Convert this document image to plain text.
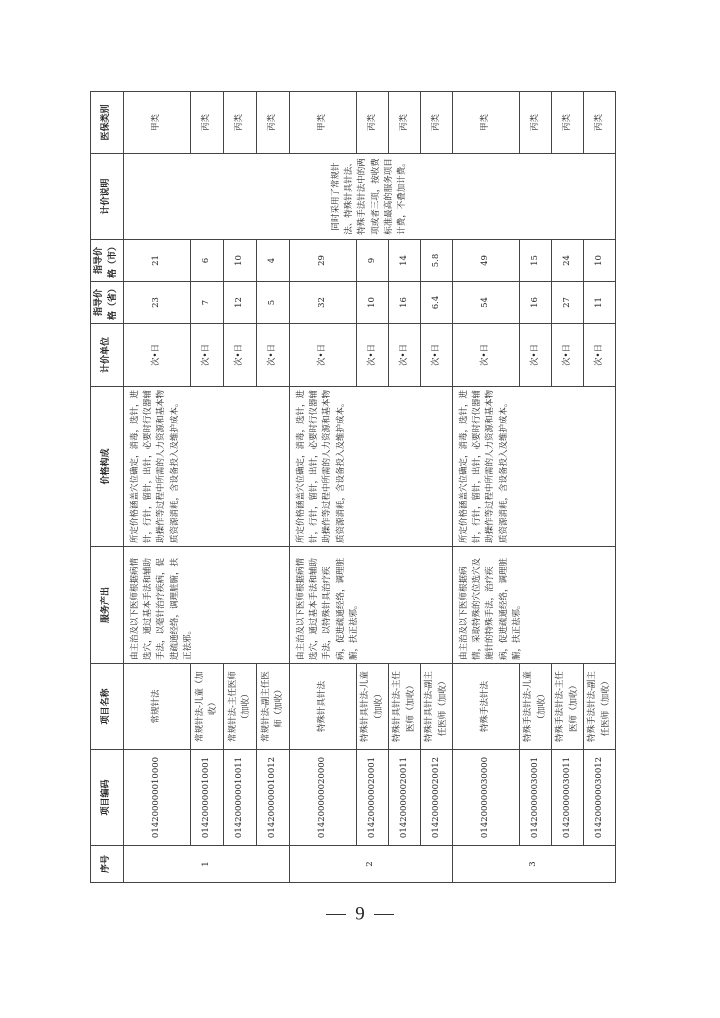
序号	项目编码	项目名称	服务产出	价格构成	计价单位	指导价格（省）	指导价格（市）	计价说明	医保类别
1	014200000010000	常规针法	由主治及以下医师根据病情选穴，通过基本手法和辅助手法，以毫针治疗疾病，促进疏通经络，调理脏腑，扶正祛邪。	所定价格涵盖穴位确定，消毒，选针，进针，行针，留针，出针，必要时行仪器辅助操作等过程中所需的人力资源和基本物质资源消耗，含设备投入及维护成本。	次•日	23	21	同时采用了常规针法、特殊针具针法、特殊手法针法中的两项或者三项，按收费标准最高的服务项目计费，不叠加计费。	甲类
	014200000010001	常规针法-儿童（加收）			次•日	7	6		丙类
	014200000010011	常规针法-主任医师（加收）			次•日	12	10		丙类
	014200000010012	常规针法-副主任医师（加收）			次•日	5	4		丙类
2	014200000020000	特殊针具针法	由主治及以下医师根据病情选穴，通过基本手法和辅助手法，以特殊针具治疗疾病，促进疏通经络，调理脏腑，扶正祛邪。	所定价格涵盖穴位确定，消毒，选针，进针，行针，留针，出针，必要时行仪器辅助操作等过程中所需的人力资源和基本物质资源消耗，含设备投入及维护成本。	次•日	32	29		甲类
	014200000020001	特殊针具针法-儿童（加收）			次•日	10	9		丙类
	014200000020011	特殊针具针法-主任医师（加收）			次•日	16	14		丙类
	014200000020012	特殊针具针法-副主任医师（加收）			次•日	6.4	5.8		丙类
3	014200000030000	特殊手法针法	由主治及以下医师根据病情，采取特殊的穴位选穴及施针的特殊手法，治疗疾病，促进疏通经络，调理脏腑，扶正祛邪。	所定价格涵盖穴位确定，消毒，选针，进针，行针，留针，出针，必要时行仪器辅助操作等过程中所需的人力资源和基本物质资源消耗，含设备投入及维护成本。	次•日	54	49		甲类
	014200000030001	特殊手法针法-儿童（加收）			次•日	16	15		丙类
	014200000030011	特殊手法针法-主任医师（加收）			次•日	27	24		丙类
	014200000030012	特殊手法针法-副主任医师（加收）			次•日	11	10		丙类
9
